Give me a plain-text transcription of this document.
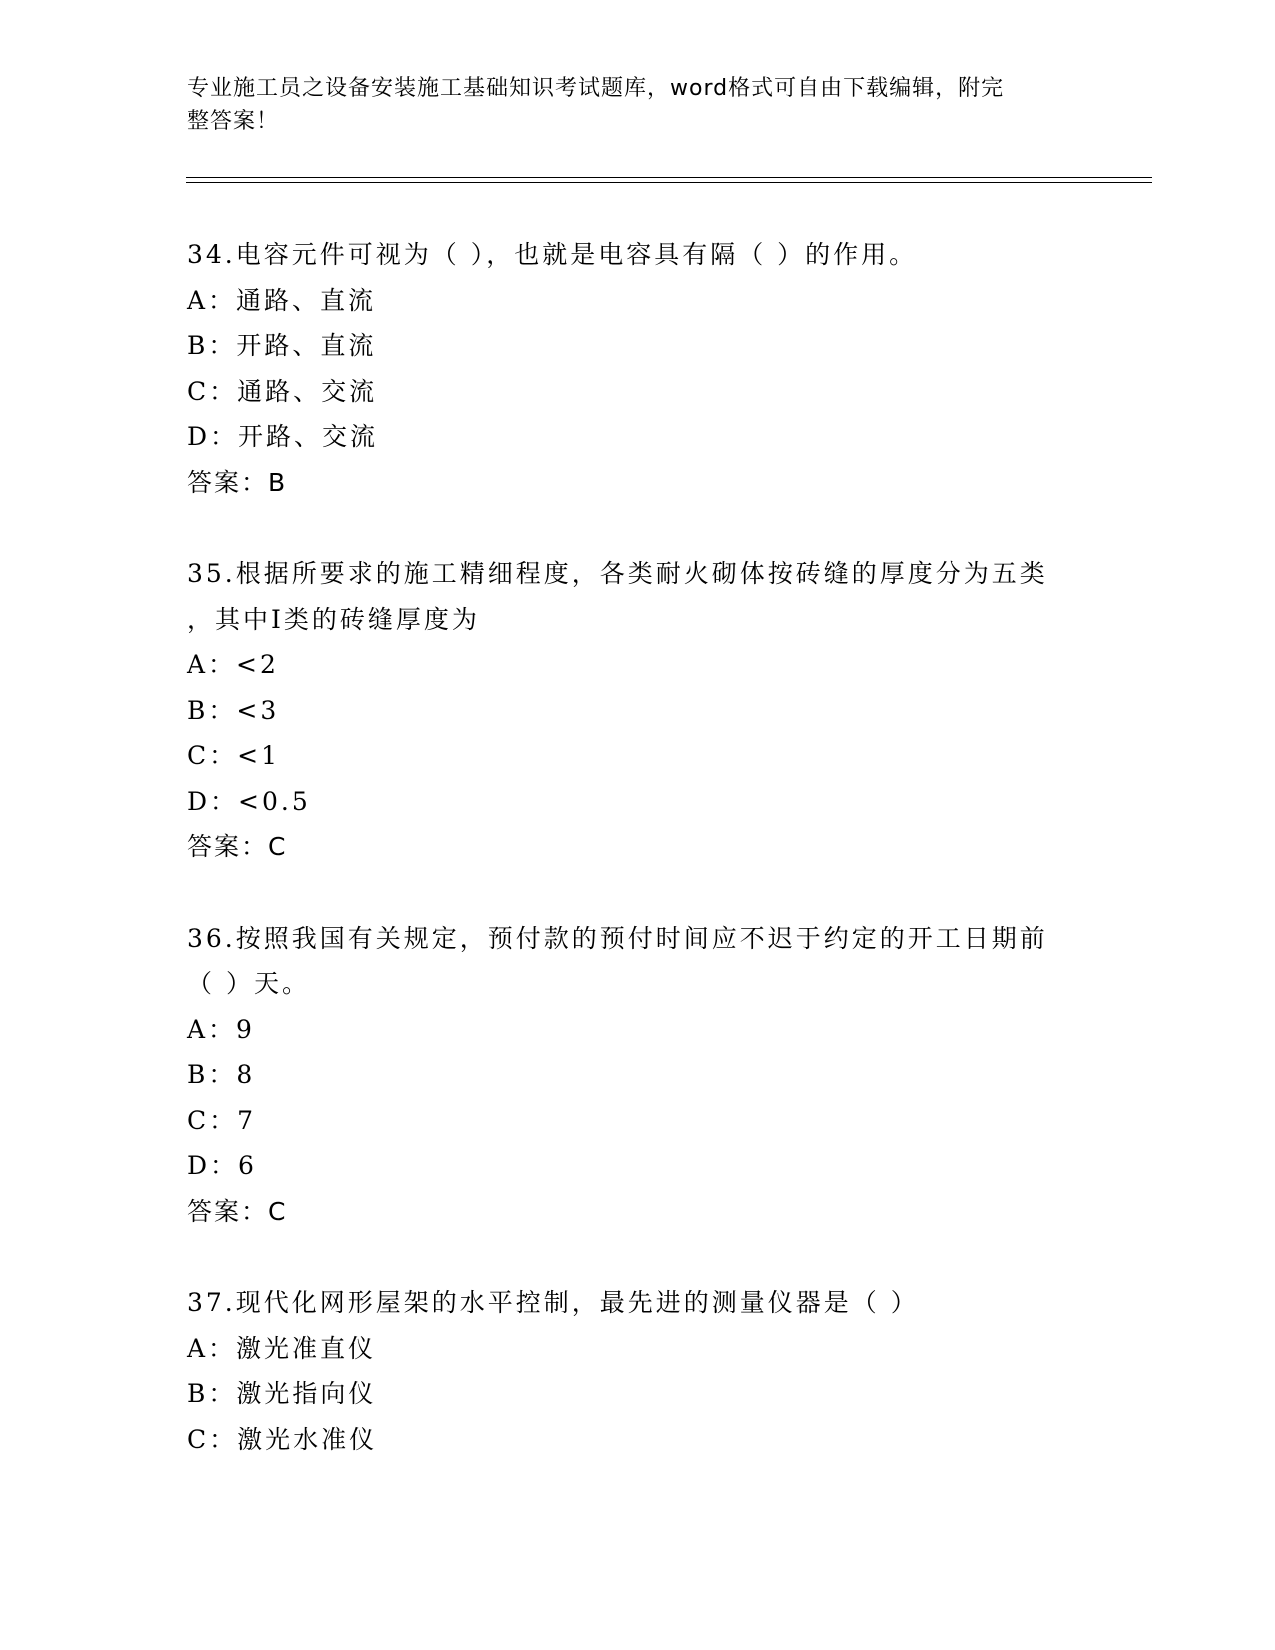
专业施工员之设备安装施工基础知识考试题库，word格式可自由下载编辑，附完
整答案！
34.电容元件可视为（ ），也就是电容具有隔（ ）的作用。
A：通路、直流
B：开路、直流
C：通路、交流
D：开路、交流
答案：B
35.根据所要求的施工精细程度，各类耐火砌体按砖缝的厚度分为五类
，其中Ⅰ类的砖缝厚度为
A：<2
B：<3
C：<1
D：<0.5
答案：C
36.按照我国有关规定，预付款的预付时间应不迟于约定的开工日期前
（ ）天。
A：9
B：8
C：7
D：6
答案：C
37.现代化网形屋架的水平控制，最先进的测量仪器是（ ）
A：激光准直仪
B：激光指向仪
C：激光水准仪
